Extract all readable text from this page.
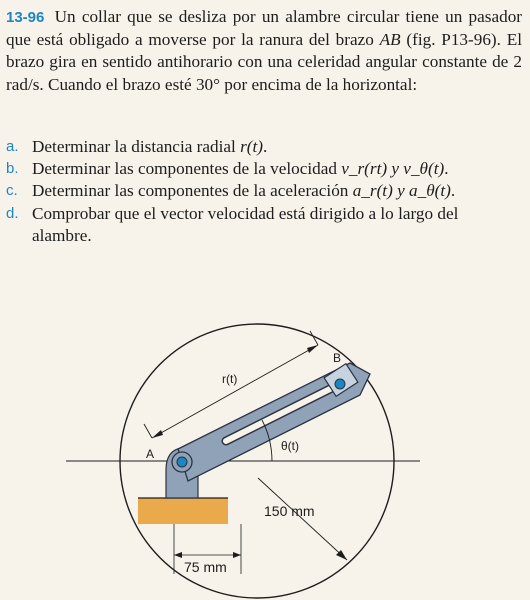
13-96 Un collar que se desliza por un alambre circular tiene un pasador que está obligado a moverse por la ranura del brazo AB (fig. P13-96). El brazo gira en sentido antihorario con una celeridad angular constante de 2 rad/s. Cuando el brazo esté 30° por encima de la horizontal:
a. Determinar la distancia radial r(t).
b. Determinar las componentes de la velocidad v_r(rt) y v_θ(t).
c. Determinar las componentes de la aceleración a_r(t) y a_θ(t).
d. Comprobar que el vector velocidad está dirigido a lo largo del alambre.
r(t)
B
A
θ(t)
150 mm
75 mm
